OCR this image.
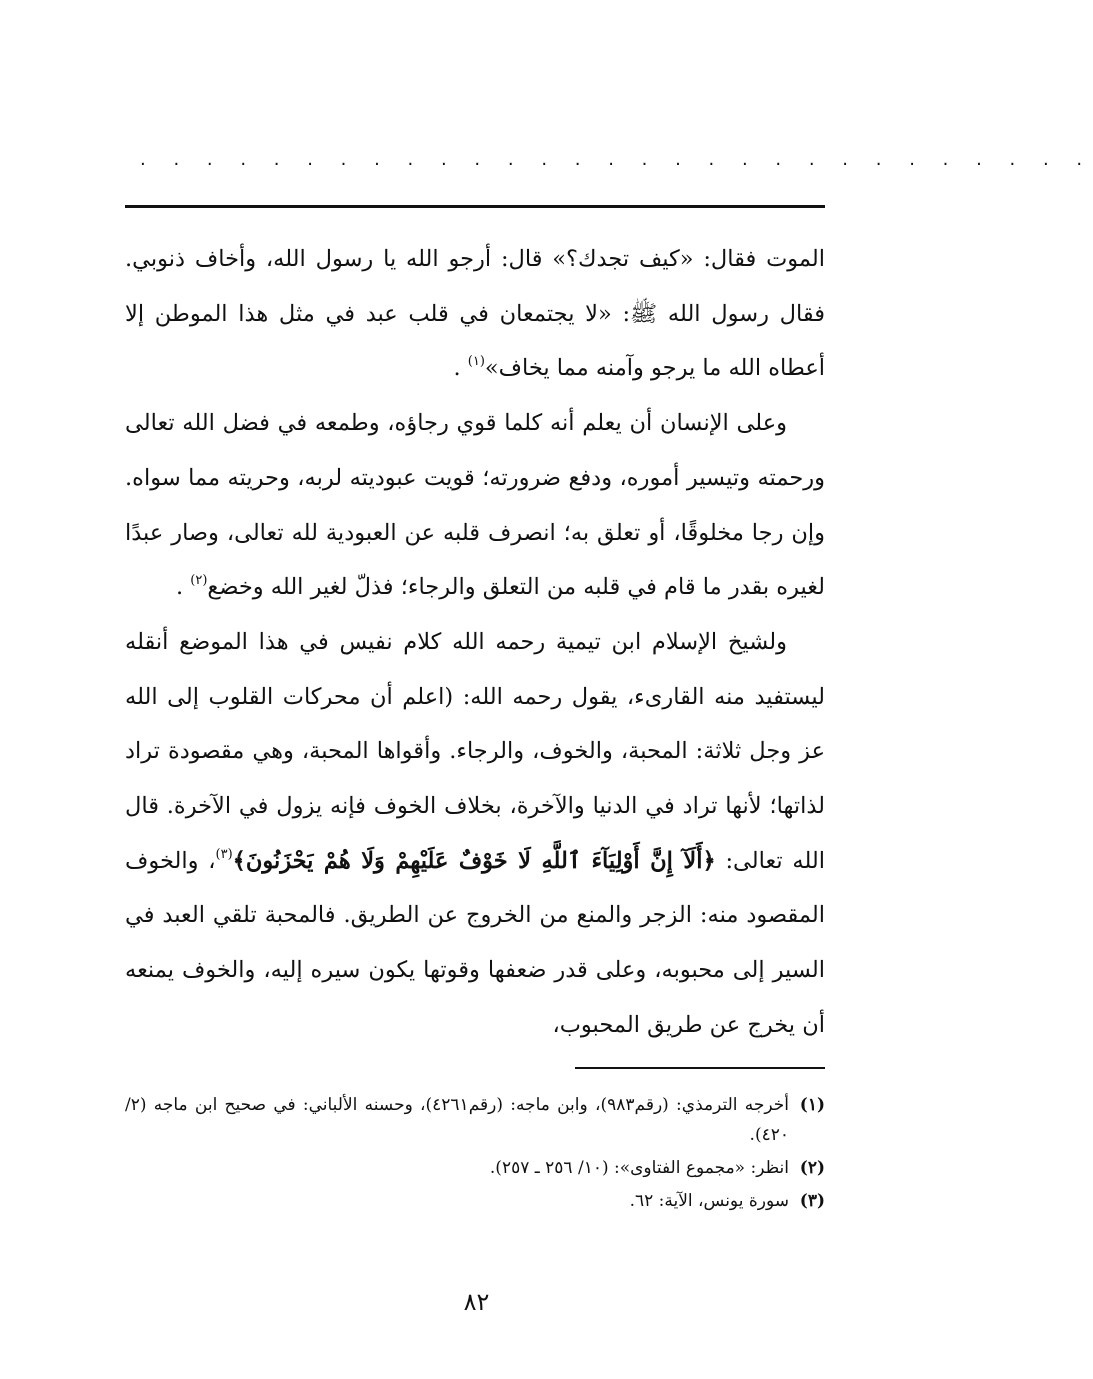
. . . . . . . . . . . . . . . . . . . . . . . . . . . . .

الموت فقال: «كيف تجدك؟» قال: أرجو الله يا رسول الله، وأخاف ذنوبي. فقال رسول الله ﷺ: «لا يجتمعان في قلب عبد في مثل هذا الموطن إلا أعطاه الله ما يرجو وآمنه مما يخاف»$^{(١)}$ .

وعلى الإنسان أن يعلم أنه كلما قوي رجاؤه، وطمعه في فضل الله تعالى ورحمته وتيسير أموره، ودفع ضرورته؛ قويت عبوديته لربه، وحريته مما سواه. وإن رجا مخلوقًا، أو تعلق به؛ انصرف قلبه عن العبودية لله تعالى، وصار عبدًا لغيره بقدر ما قام في قلبه من التعلق والرجاء؛ فذلّ لغير الله وخضع$^{(٢)}$ .

ولشيخ الإسلام ابن تيمية رحمه الله كلام نفيس في هذا الموضع أنقله ليستفيد منه القارىء، يقول رحمه الله: (اعلم أن محركات القلوب إلى الله عز وجل ثلاثة: المحبة، والخوف، والرجاء. وأقواها المحبة، وهي مقصودة تراد لذاتها؛ لأنها تراد في الدنيا والآخرة، بخلاف الخوف فإنه يزول في الآخرة. قال الله تعالى: ﴿أَلَآ إِنَّ أَوْلِيَآءَ ٱللَّهِ لَا خَوْفٌ عَلَيْهِمْ وَلَا هُمْ يَحْزَنُونَ﴾$^{(٣)}$، والخوف المقصود منه: الزجر والمنع من الخروج عن الطريق. فالمحبة تلقي العبد في السير إلى محبوبه، وعلى قدر ضعفها وقوتها يكون سيره إليه، والخوف يمنعه أن يخرج عن طريق المحبوب،

(١)
أخرجه الترمذي: (رقم٩٨٣)، وابن ماجه: (رقم٤٢٦١)، وحسنه الألباني: في صحيح ابن ماجه (٢/ ٤٢٠).
(٢)
انظر: «مجموع الفتاوى»: (١٠/ ٢٥٦ ـ ٢٥٧).
(٣)
سورة يونس، الآية: ٦٢.
٨٢
